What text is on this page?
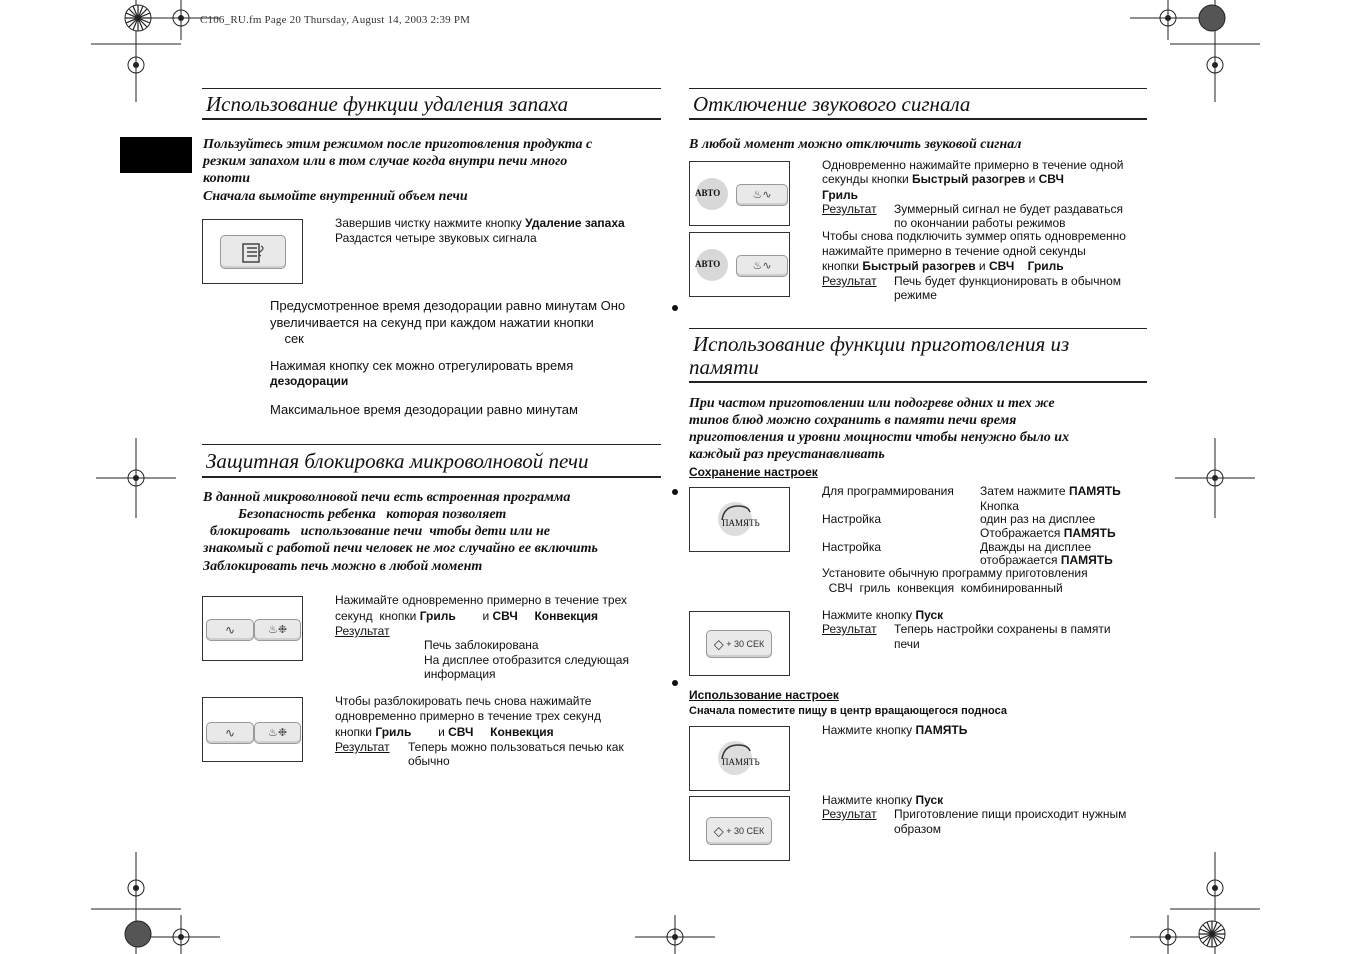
C106_RU.fm Page 20 Thursday, August 14, 2003 2:39 PM
Использование функции удаления запаха
Пользуйтесь этим режимом после приготовления продукта с
резким запахом или в том случае когда внутри печи много
копоти
Сначала вымойте внутренний объем печи
Завершив чистку нажмите кнопку Удаление запаха
Раздастся четыре звуковых сигнала
Предусмотренное время дезодорации равно минутам Оно
увеличивается на секунд при каждом нажатии кнопки
сек
Нажимая кнопку сек можно отрегулировать время
дезодорации
Максимальное время дезодорации равно минутам
Защитная блокировка микроволновой печи
В данной микроволновой печи есть встроенная программа
Безопасность ребенка   которая позволяет
блокировать   использование печи  чтобы дети или не
знакомый с работой печи человек не мог случайно ее включить
Заблокировать печь можно в любой момент
∿	♨❉
Нажимайте одновременно примерно в течение трех
секунд  кнопки Гриль        и СВЧ Конвекция
Результат
Печь заблокирована
На дисплее отобразится следующая
информация
∿	♨❉
Чтобы разблокировать печь снова нажимайте
одновременно примерно в течение трех секунд
кнопки Гриль        и СВЧ Конвекция
Результат Теперь можно пользоваться печью как
обычно
Отключение звукового сигнала
В любой момент можно отключить звуковой сигнал
АВТО	♨∿
АВТО	♨∿
Одновременно нажимайте примерно в течение одной
секунды кнопки Быстрый разогрев и СВЧ
Гриль
Результат Зуммерный сигнал не будет раздаваться
по окончании работы режимов
Чтобы снова подключить зуммер опять одновременно
нажимайте примерно в течение одной секунды
кнопки Быстрый разогрев и СВЧ Гриль
Результат Печь будет функционировать в обычном
режиме
Использование функции приготовления из
памяти
При частом приготовлении или подогреве одних и тех же
типов блюд можно сохранить в памяти печи время
приготовления и уровни мощности чтобы ненужно было их
каждый раз преустанавливать
Сохранение настроек
ПАМЯТЬ
Для программирования Затем нажмите ПАМЯТЬ
Кнопка
Настройка	один раз на дисплее
Отображается ПАМЯТЬ
Настройка	Дважды на дисплее
отображается ПАМЯТЬ
Установите обычную программу приготовления
СВЧ  гриль  конвекция  комбинированный
◇ + 30 СЕК
Нажмите кнопку Пуск
Результат Теперь настройки сохранены в памяти
печи
Использование настроек
Сначала поместите пищу в центр вращающегося подноса
ПАМЯТЬ
Нажмите кнопку ПАМЯТЬ
◇ + 30 СЕК
Нажмите кнопку Пуск
Результат Приготовление пищи происходит нужным
образом
